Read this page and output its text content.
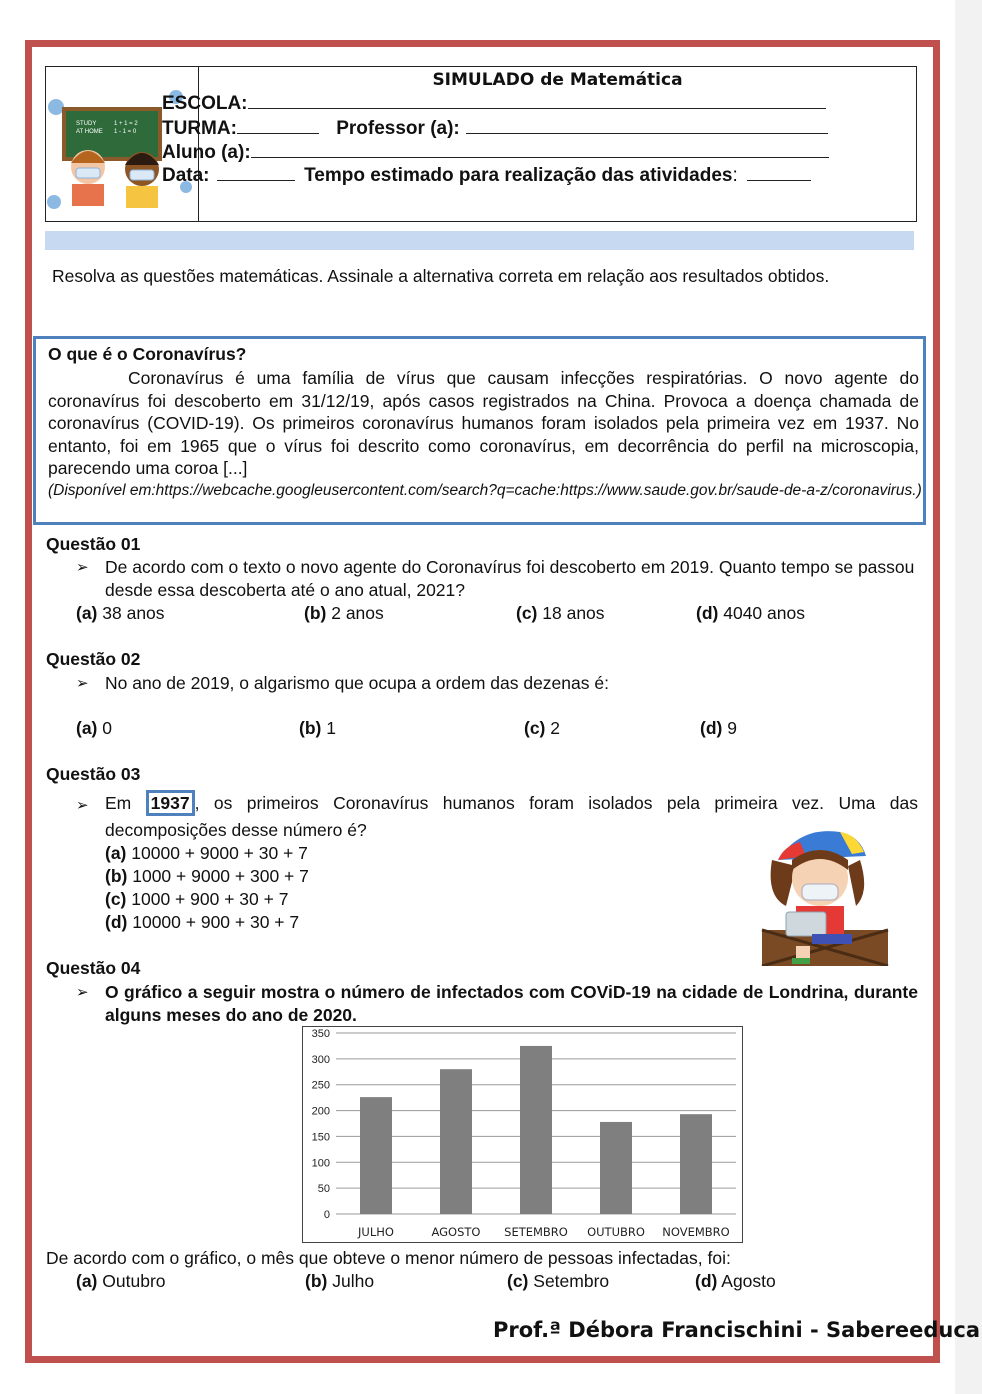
STUDY
AT HOME
1 + 1 = 2
1 - 1 = 0
SIMULADO de Matemática
ESCOLA:
TURMA:	Professor (a):
Aluno (a):
Data:	Tempo estimado para realização das atividades:

Resolva as questões matemáticas. Assinale a alternativa correta em relação aos resultados obtidos.

O que é o Coronavírus?

Coronavírus é uma família de vírus que causam infecções respiratórias. O novo agente do coronavírus foi descoberto em 31/12/19, após casos registrados na China. Provoca a doença chamada de coronavírus (COVID-19). Os primeiros coronavírus humanos foram isolados pela primeira vez em 1937. No entanto, foi em 1965 que o vírus foi descrito como coronavírus, em decorrência do perfil na microscopia, parecendo uma coroa [...]

(Disponível em:https://webcache.googleusercontent.com/search?q=cache:https://www.saude.gov.br/saude-de-a-z/coronavirus.)
Questão 01
➢ De acordo com o texto o novo agente do Coronavírus foi descoberto em 2019. Quanto tempo se passou desde essa descoberta até o ano atual, 2021?
(a) 38 anos	(b) 2 anos	(c) 18 anos	(d) 4040 anos
Questão 02
➢ No ano de 2019, o algarismo que ocupa a ordem das dezenas é:
(a) 0	(b) 1	(c) 2	(d) 9
Questão 03
➢ Em 1937 , os primeiros Coronavírus humanos foram isolados pela primeira vez. Uma das decomposições desse número é?
(a) 10000 + 9000 + 30 + 7
(b) 1000 + 9000 + 300 + 7
(c) 1000 + 900 + 30 + 7
(d) 10000 + 900 + 30 + 7
Questão 04
➢ O gráfico a seguir mostra o número de infectados com COViD-19 na cidade de Londrina, durante alguns meses do ano de 2020.
0
50
100
150
200
250
300
350
JULHO	AGOSTO SETEMBRO OUTUBRO NOVEMBRO
De acordo com o gráfico, o mês que obteve o menor número de pessoas infectadas, foi:
(a) Outubro	(b) Julho	(c) Setembro	(d) Agosto
Prof.ª Débora Francischini - Sabereeduca
